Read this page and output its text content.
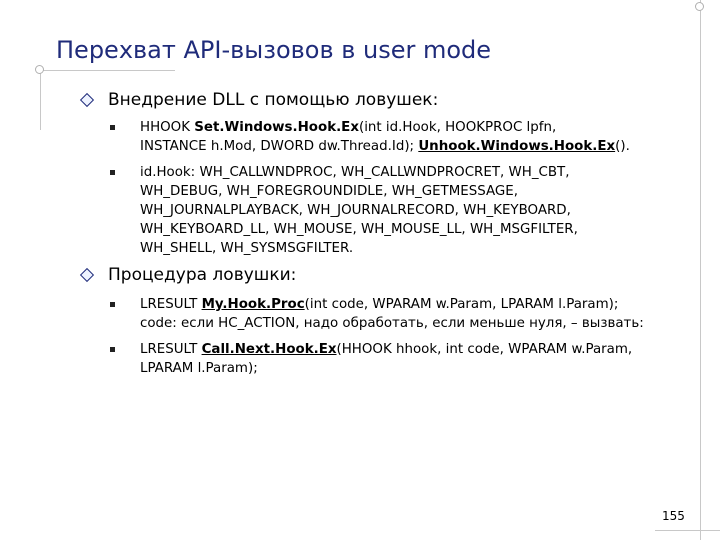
Перехват API-вызовов в user mode
Внедрение DLL с помощью ловушек:
HHOOK Set.Windows.Hook.Ex(int id.Hook, HOOKPROC lpfn,
INSTANCE h.Mod, DWORD dw.Thread.Id); Unhook.Windows.Hook.Ex().
id.Hook: WH_CALLWNDPROC, WH_CALLWNDPROCRET, WH_CBT,
WH_DEBUG, WH_FOREGROUNDIDLE, WH_GETMESSAGE,
WH_JOURNALPLAYBACK, WH_JOURNALRECORD, WH_KEYBOARD,
WH_KEYBOARD_LL, WH_MOUSE, WH_MOUSE_LL, WH_MSGFILTER,
WH_SHELL, WH_SYSMSGFILTER.
Процедура ловушки:
LRESULT My.Hook.Proc(int code, WPARAM w.Param, LPARAM l.Param);
code: если HC_ACTION, надо обработать, если меньше нуля, – вызвать:
LRESULT Call.Next.Hook.Ex(HHOOK hhook, int code, WPARAM w.Param,
LPARAM l.Param);
155
